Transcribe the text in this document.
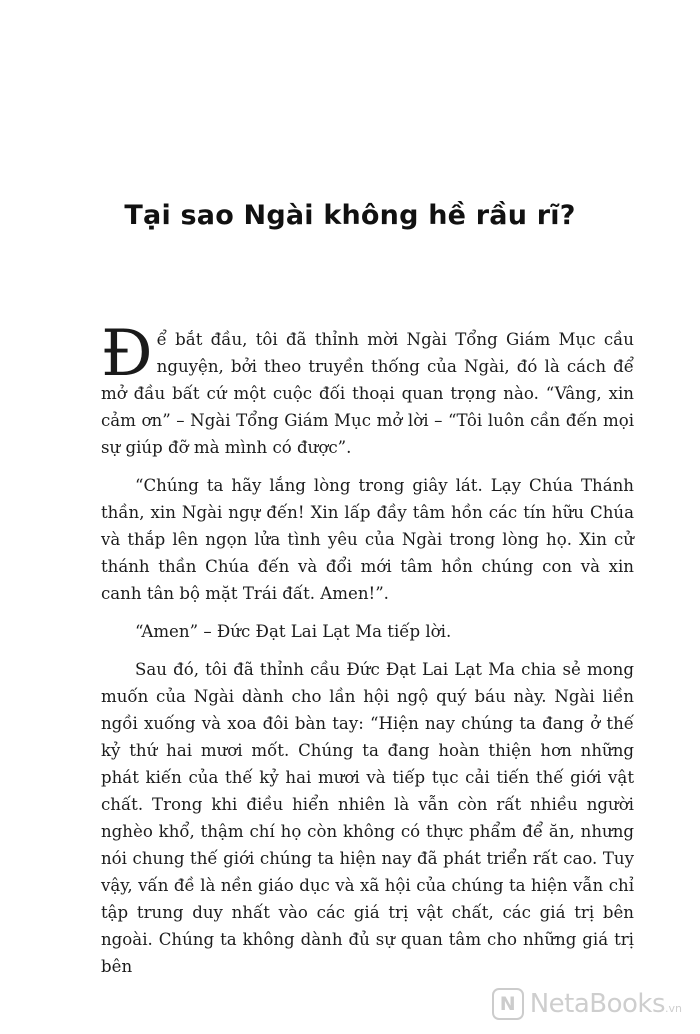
Tại sao Ngài không hề rầu rĩ?

Để bắt đầu, tôi đã thỉnh mời Ngài Tổng Giám Mục cầu nguyện, bởi theo truyền thống của Ngài, đó là cách để mở đầu bất cứ một cuộc đối thoại quan trọng nào. “Vâng, xin cảm ơn” – Ngài Tổng Giám Mục mở lời – “Tôi luôn cần đến mọi sự giúp đỡ mà mình có được”.

“Chúng ta hãy lắng lòng trong giây lát. Lạy Chúa Thánh thần, xin Ngài ngự đến! Xin lấp đầy tâm hồn các tín hữu Chúa và thắp lên ngọn lửa tình yêu của Ngài trong lòng họ. Xin cử thánh thần Chúa đến và đổi mới tâm hồn chúng con và xin canh tân bộ mặt Trái đất. Amen!”.

“Amen” – Đức Đạt Lai Lạt Ma tiếp lời.

Sau đó, tôi đã thỉnh cầu Đức Đạt Lai Lạt Ma chia sẻ mong muốn của Ngài dành cho lần hội ngộ quý báu này. Ngài liền ngồi xuống và xoa đôi bàn tay: “Hiện nay chúng ta đang ở thế kỷ thứ hai mươi mốt. Chúng ta đang hoàn thiện hơn những phát kiến của thế kỷ hai mươi và tiếp tục cải tiến thế giới vật chất. Trong khi điều hiển nhiên là vẫn còn rất nhiều người nghèo khổ, thậm chí họ còn không có thực phẩm để ăn, nhưng nói chung thế giới chúng ta hiện nay đã phát triển rất cao. Tuy vậy, vấn đề là nền giáo dục và xã hội của chúng ta hiện vẫn chỉ tập trung duy nhất vào các giá trị vật chất, các giá trị bên ngoài. Chúng ta không dành đủ sự quan tâm cho những giá trị bên

N NetaBooks .vn
